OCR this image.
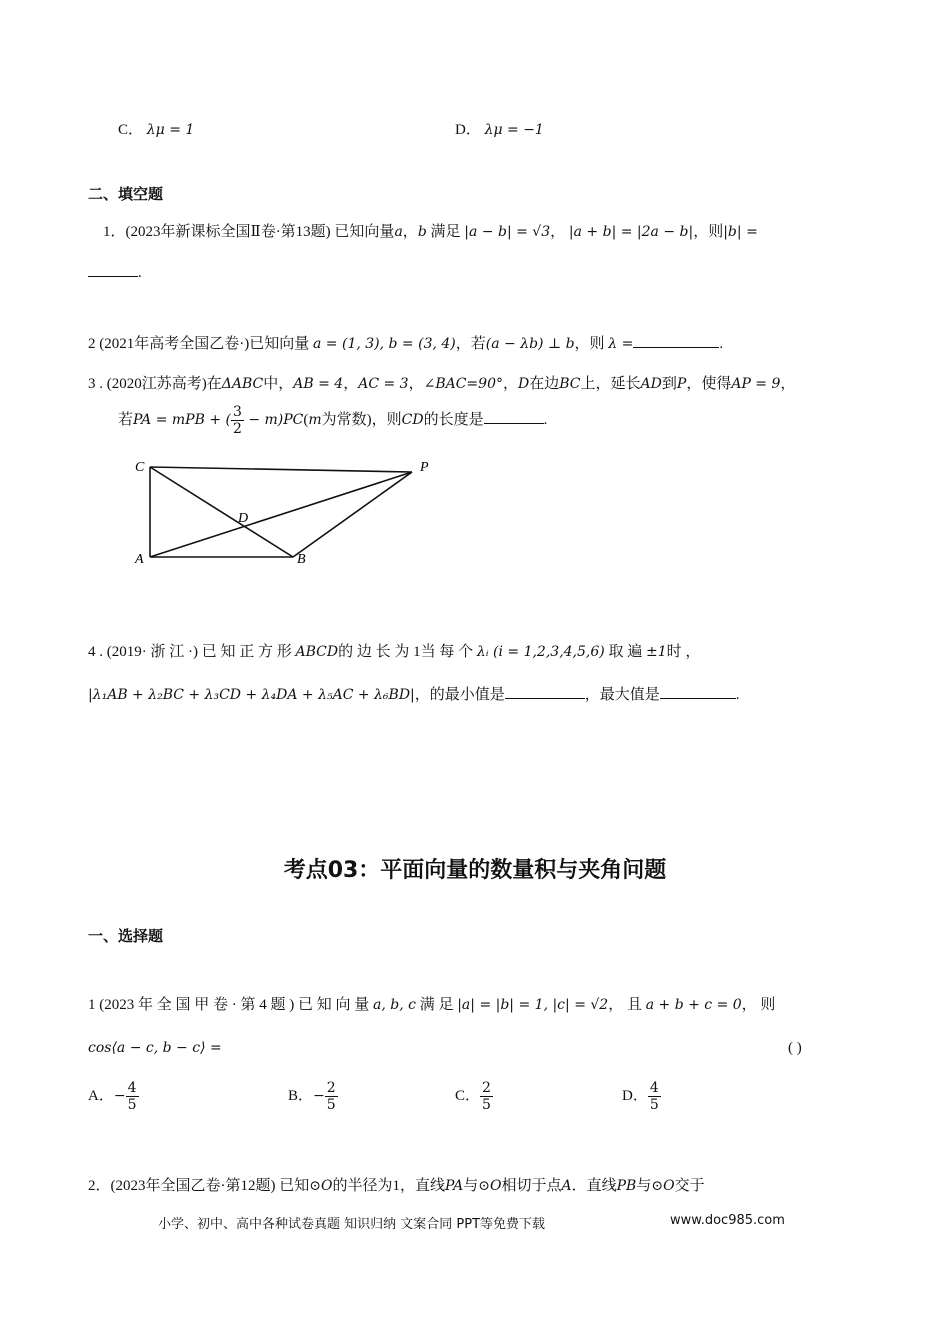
C． λμ = 1	D． λμ = −1
二、填空题
1．(2023年新课标全国Ⅱ卷·第13题) 已知向量a，b 满足 |a − b| = √3， |a + b| = |2a − b|，则|b| =
.
2 (2021年高考全国乙卷·)已知向量 a = (1, 3), b = (3, 4)，若(a − λb) ⊥ b，则 λ =	.
3 . (2020江苏高考)在ΔABC中，AB = 4，AC = 3，∠BAC=90°，D在边BC上，延长AD到P，使得AP = 9，
若PA = mPB + ( $\frac{3}{2} - m)PC(m$为常数)，则CD的长度是	.
C	P
D
A	B
4 . (2019· 浙 江 ·) 已 知 正 方 形 ABCD的 边 长 为 1当 每 个 λᵢ (i = 1,2,3,4,5,6) 取 遍 ±1时 ，
|λ₁AB + λ₂BC + λ₃CD + λ₄DA + λ₅AC + λ₆BD|，的最小值是	，最大值是	.
考点03：平面向量的数量积与夹角问题
一、选择题
1 (2023 年 全 国 甲 卷 · 第 4 题 ) 已 知 向 量 a, b, c 满 足 |a| = |b| = 1, |c| = √2， 且 a + b + c = 0， 则
cos⟨a − c, b − c⟩ =	( )
A．− $\frac{4}{5}$	B．− $\frac{2}{5}$	C． $\frac{2}{5}$	D． $\frac{4}{5}$
2．(2023年全国乙卷·第12题) 已知⊙O的半径为1，直线PA与⊙O相切于点A．直线PB与⊙O交于
小学、初中、高中各种试卷真题 知识归纳 文案合同 PPT等免费下载	www.doc985.com
